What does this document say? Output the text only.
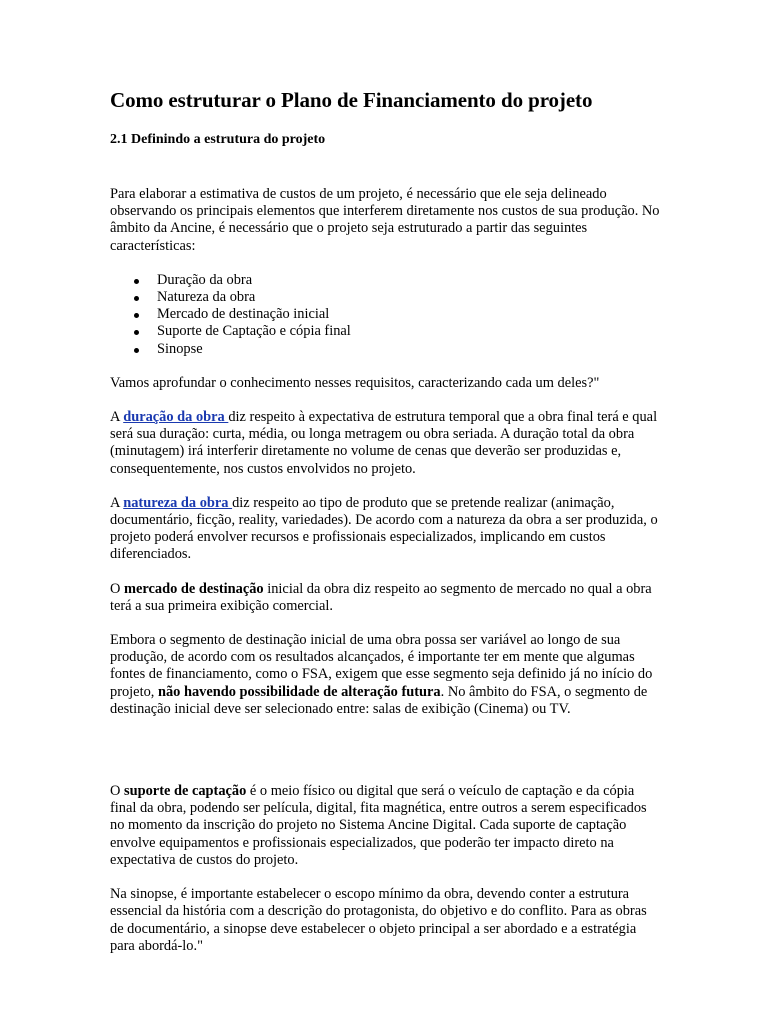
Como estruturar o Plano de Financiamento do projeto
2.1 Definindo a estrutura do projeto

Para elaborar a estimativa de custos de um projeto, é necessário que ele seja delineado observando os principais elementos que interferem diretamente nos custos de sua produção. No âmbito da Ancine, é necessário que o projeto seja estruturado a partir das seguintes características:

Duração da obra
Natureza da obra
Mercado de destinação inicial
Suporte de Captação e cópia final
Sinopse

Vamos aprofundar o conhecimento nesses requisitos, caracterizando cada um deles?"

A duração da obra diz respeito à expectativa de estrutura temporal que a obra final terá e qual será sua duração: curta, média, ou longa metragem ou obra seriada. A duração total da obra (minutagem) irá interferir diretamente no volume de cenas que deverão ser produzidas e, consequentemente, nos custos envolvidos no projeto.

A natureza da obra diz respeito ao tipo de produto que se pretende realizar (animação, documentário, ficção, reality, variedades). De acordo com a natureza da obra a ser produzida, o projeto poderá envolver recursos e profissionais especializados, implicando em custos diferenciados.

O mercado de destinação inicial da obra diz respeito ao segmento de mercado no qual a obra terá a sua primeira exibição comercial.

Embora o segmento de destinação inicial de uma obra possa ser variável ao longo de sua produção, de acordo com os resultados alcançados, é importante ter em mente que algumas fontes de financiamento, como o FSA, exigem que esse segmento seja definido já no início do projeto, não havendo possibilidade de alteração futura. No âmbito do FSA, o segmento de destinação inicial deve ser selecionado entre: salas de exibição (Cinema) ou TV.

O suporte de captação é o meio físico ou digital que será o veículo de captação e da cópia final da obra, podendo ser película, digital, fita magnética, entre outros a serem especificados no momento da inscrição do projeto no Sistema Ancine Digital. Cada suporte de captação envolve equipamentos e profissionais especializados, que poderão ter impacto direto na expectativa de custos do projeto.

Na sinopse, é importante estabelecer o escopo mínimo da obra, devendo conter a estrutura essencial da história com a descrição do protagonista, do objetivo e do conflito. Para as obras de documentário, a sinopse deve estabelecer o objeto principal a ser abordado e a estratégia para abordá-lo."
